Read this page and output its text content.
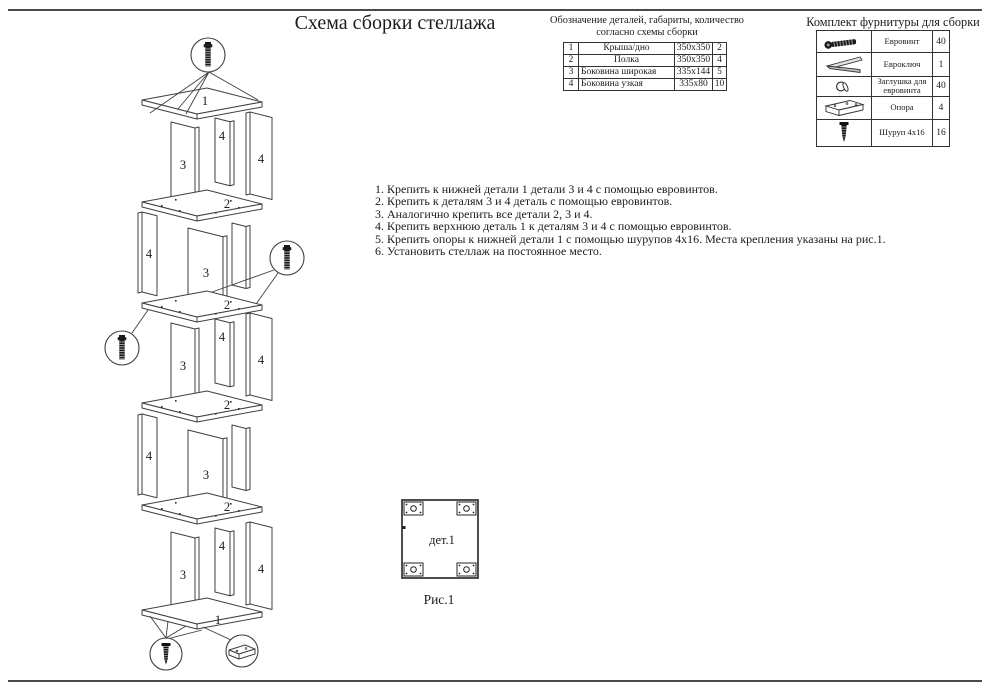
Схема сборки стеллажа	Обозначение деталей, габариты, количество
согласно схемы сборки
1	Крыша/дно	350x350	2
2	Полка	350x350	4
3	Боковина широкая	335x144	5
4	Боковина узкая	335x80	10
Комплект фурнитуры для сборки
	Евровинт	40

	Евроключ	1

	Заглушка для евровинта	40

	Опора	4

	Шуруп 4x16	16
1. Крепить к нижней детали 1 детали 3 и 4 с помощью евровинтов.
2. Крепить к деталям 3 и 4 деталь с помощью евровинтов.
3. Аналогично крепить все детали 2, 3 и 4.
4. Крепить верхнюю деталь 1 к деталям 3 и 4 с помощью евровинтов.
5. Крепить опоры к нижней детали 1 с помощью шурупов 4x16. Места крепления указаны на рис.1.
6. Установить стеллаж на постоянное место.
1
4
4
3
2
3
4
2
4
4
3
2
3
4
2
4
4
3
1
дет.1
Рис.1
